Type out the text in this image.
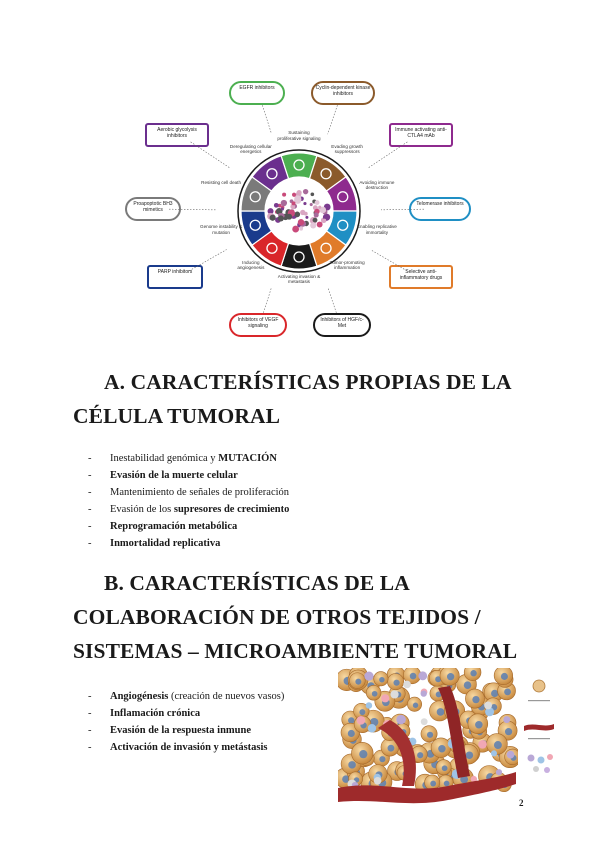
Sustaining proliferative signaling
Evading growth suppressors
Avoiding immune destruction
Enabling replicative immortality
Tumor-promoting inflammation
Activating invasion & metastasis
Inducing angiogenesis
Genome instability & mutation
Resisting cell death
Deregulating cellular energetics
EGFR inhibitors	Cyclin-dependent kinase inhibitors
Immune activating anti-CTLA4 mAb
Telomerase inhibitors
Selective anti-inflammatory drugs
Inhibitors of HGF/c-Met
Inhibitors of VEGF signaling
PARP inhibitors
Proapoptotic BH3 mimetics
Aerobic glycolysis inhibitors
A. CARACTERÍSTICAS PROPIAS DE LA
CÉLULA TUMORAL
- Inestabilidad genómica y MUTACIÓN
- Evasión de la muerte celular
- Mantenimiento de señales de proliferación
- Evasión de los supresores de crecimiento
- Reprogramación metabólica
- Inmortalidad replicativa
B. CARACTERÍSTICAS DE LA
COLABORACIÓN DE OTROS TEJIDOS /
SISTEMAS – MICROAMBIENTE TUMORAL
- Angiogénesis (creación de nuevos vasos)
- Inflamación crónica
- Evasión de la respuesta inmune
- Activación de invasión y metástasis
2
